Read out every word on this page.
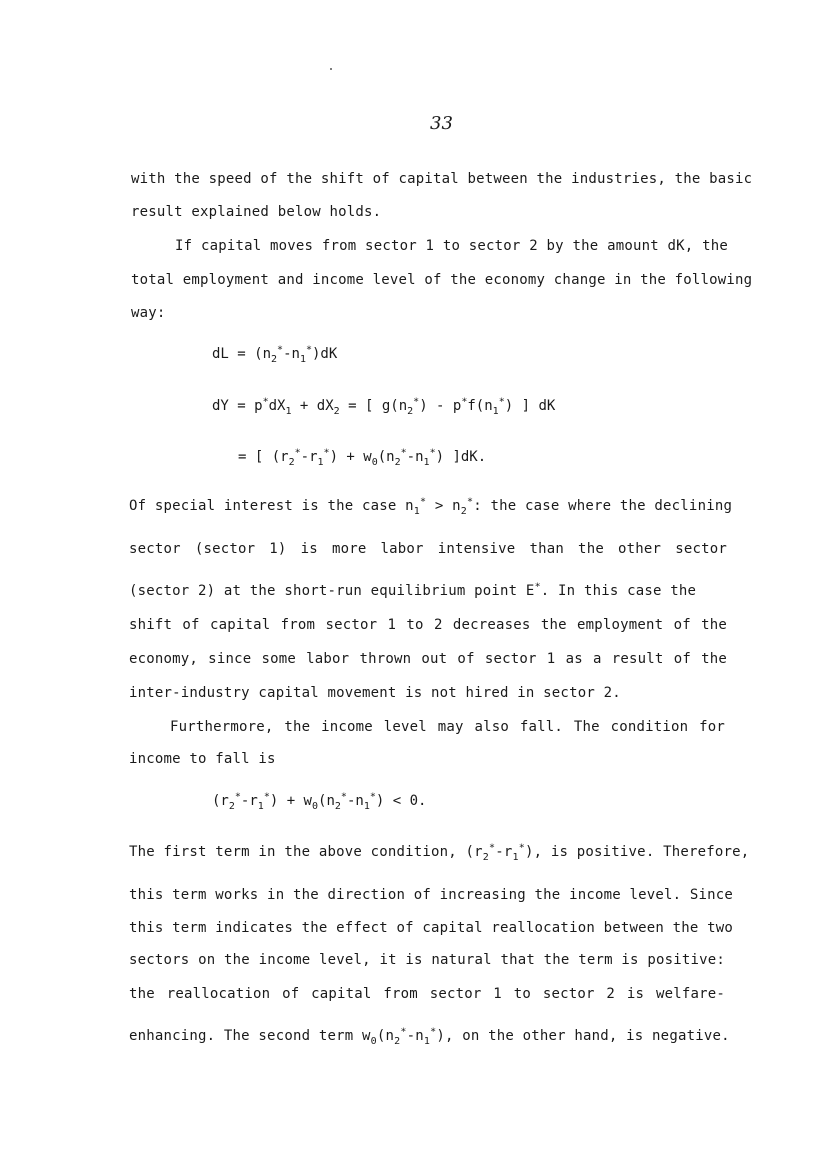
33
with the speed of the shift of capital between the industries, the basic
result explained below holds.
If capital moves from sector 1 to sector 2 by the amount dK, the
total employment and income level of the economy change in the following
way:
dL = $(n_2^*-n_1^*)dK$
dY = $p^*dX_1 + dX_2$ = [ $g(n_2^*) - p^*f(n_1^*)$ ] dK
= [ $(r_2^*-r_1^*) + w_0(n_2^*-n_1^*)$ ]dK.
Of special interest is the case $n_1^* > n_2^*$: the case where the declining
sector (sector 1) is more labor intensive than the other sector
(sector 2) at the short-run equilibrium point E*. In this case the
shift of capital from sector 1 to 2 decreases the employment of the
economy, since some labor thrown out of sector 1 as a result of the
inter-industry capital movement is not hired in sector 2.
Furthermore, the income level may also fall. The condition for
income to fall is
$(r_2^*-r_1^*) + w_0(n_2^*-n_1^*) < 0$.
The first term in the above condition, $(r_2^*-r_1^*)$, is positive. Therefore,
this term works in the direction of increasing the income level. Since
this term indicates the effect of capital reallocation between the two
sectors on the income level, it is natural that the term is positive:
the reallocation of capital from sector 1 to sector 2 is welfare-
enhancing. The second term $w_0(n_2^*-n_1^*)$, on the other hand, is negative.
